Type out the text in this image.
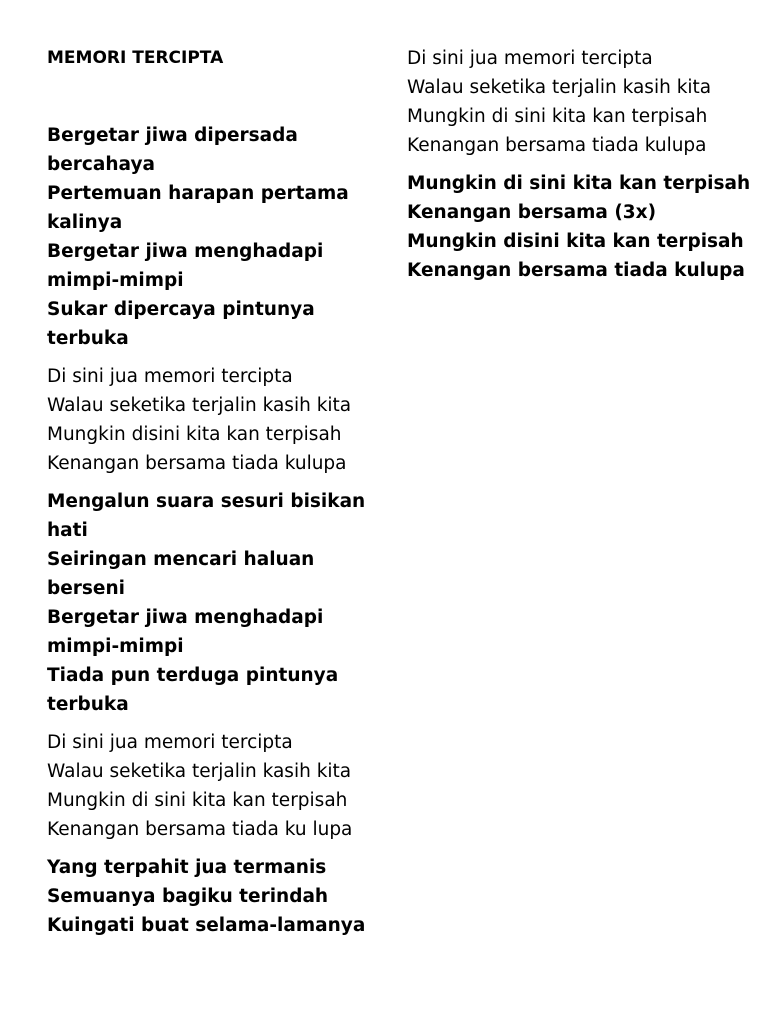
MEMORI TERCIPTA
Bergetar jiwa dipersada
bercahaya
Pertemuan harapan pertama
kalinya
Bergetar jiwa menghadapi
mimpi-mimpi
Sukar dipercaya pintunya
terbuka
Di sini jua memori tercipta
Walau seketika terjalin kasih kita
Mungkin disini kita kan terpisah
Kenangan bersama tiada kulupa
Mengalun suara sesuri bisikan
hati
Seiringan mencari haluan
berseni
Bergetar jiwa menghadapi
mimpi-mimpi
Tiada pun terduga pintunya
terbuka
Di sini jua memori tercipta
Walau seketika terjalin kasih kita
Mungkin di sini kita kan terpisah
Kenangan bersama tiada ku lupa
Yang terpahit jua termanis
Semuanya bagiku terindah
Kuingati buat selama-lamanya
Di sini jua memori tercipta
Walau seketika terjalin kasih kita
Mungkin di sini kita kan terpisah
Kenangan bersama tiada kulupa
Mungkin di sini kita kan terpisah
Kenangan bersama (3x)
Mungkin disini kita kan terpisah
Kenangan bersama tiada kulupa
